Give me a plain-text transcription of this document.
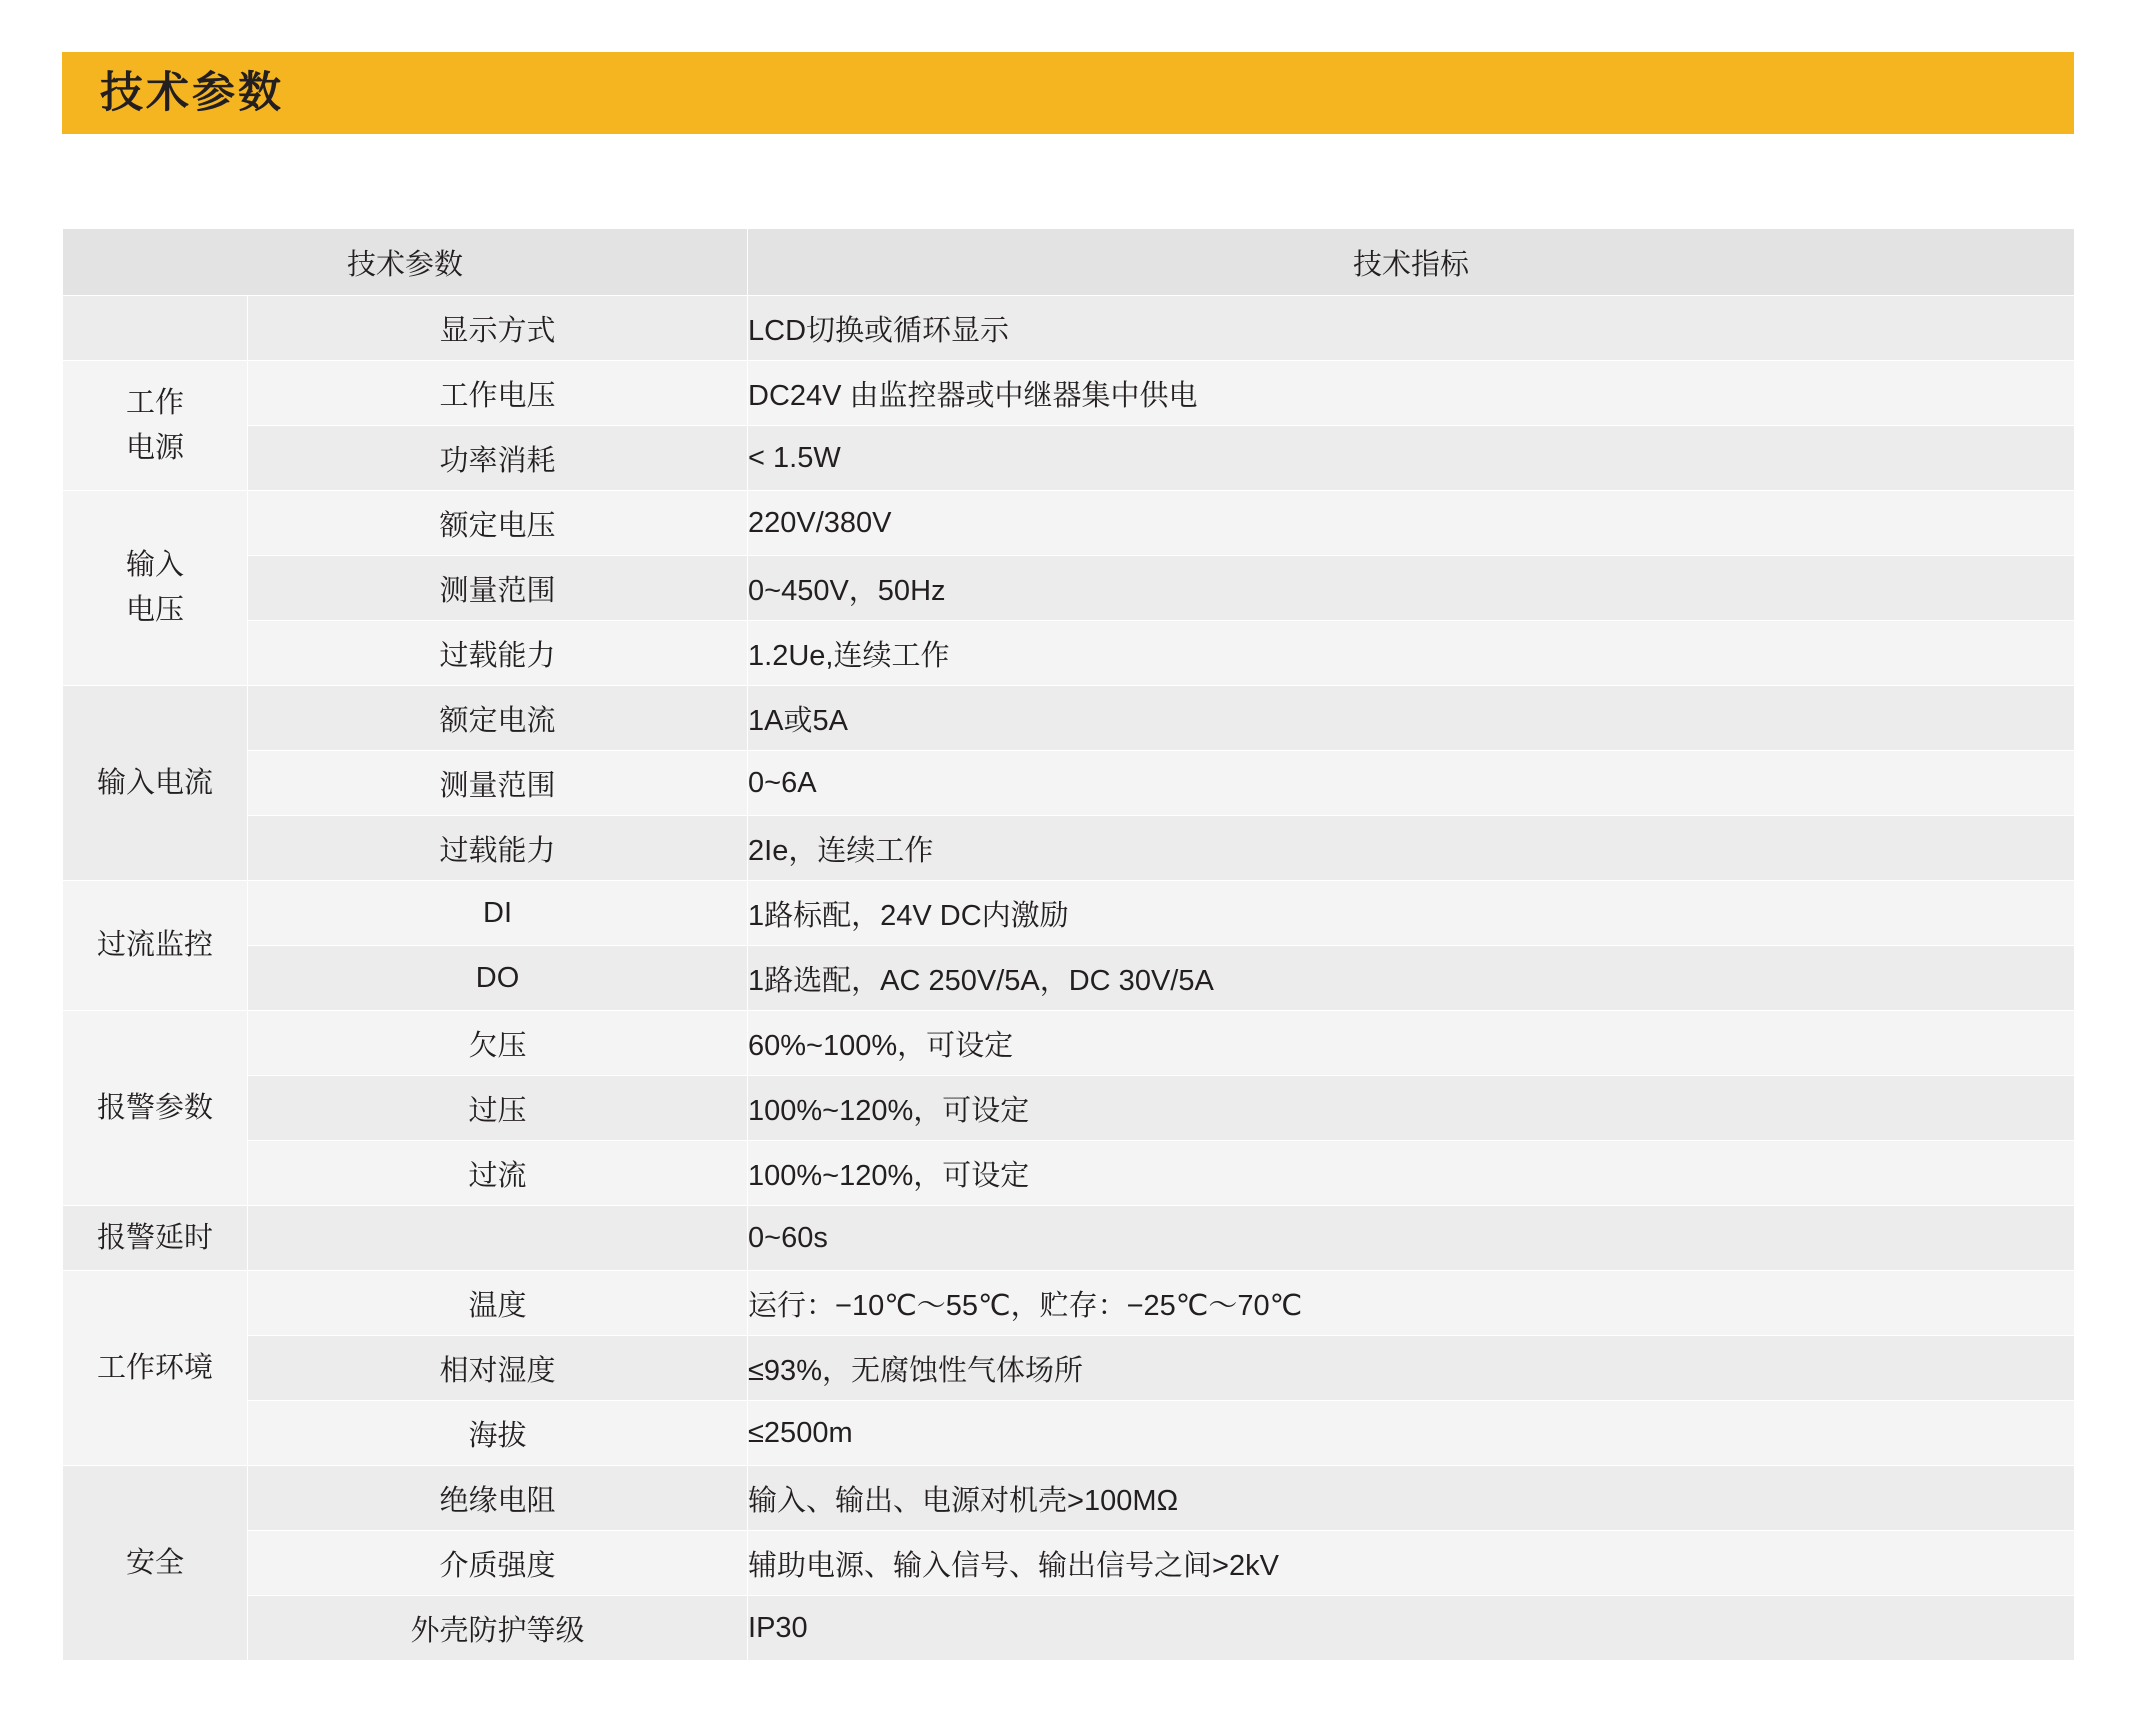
技术参数
技术参数		技术指标
	显示方式	LCD切换或循环显示

工作
电源	工作电压	DC24V 由监控器或中继器集中供电
	功率消耗	< 1.5W

输入
电压	额定电压	220V/380V
	测量范围	0~450V，50Hz
	过载能力	1.2Ue,连续工作
输入电流	额定电流	1A或5A
	测量范围	0~6A
	过载能力	2Ie，连续工作
过流监控	DI	1路标配，24V DC内激励
	DO	1路选配，AC 250V/5A，DC 30V/5A
报警参数	欠压	60%~100%，可设定
	过压	100%~120%，可设定
	过流	100%~120%，可设定
报警延时		0~60s
工作环境	温度	运行：−10℃～55℃，贮存：−25℃～70℃
	相对湿度	≤93%，无腐蚀性气体场所
	海拔	≤2500m
安全	绝缘电阻	输入、输出、电源对机壳>100MΩ
	介质强度	辅助电源、输入信号、输出信号之间>2kV
	外壳防护等级	IP30
